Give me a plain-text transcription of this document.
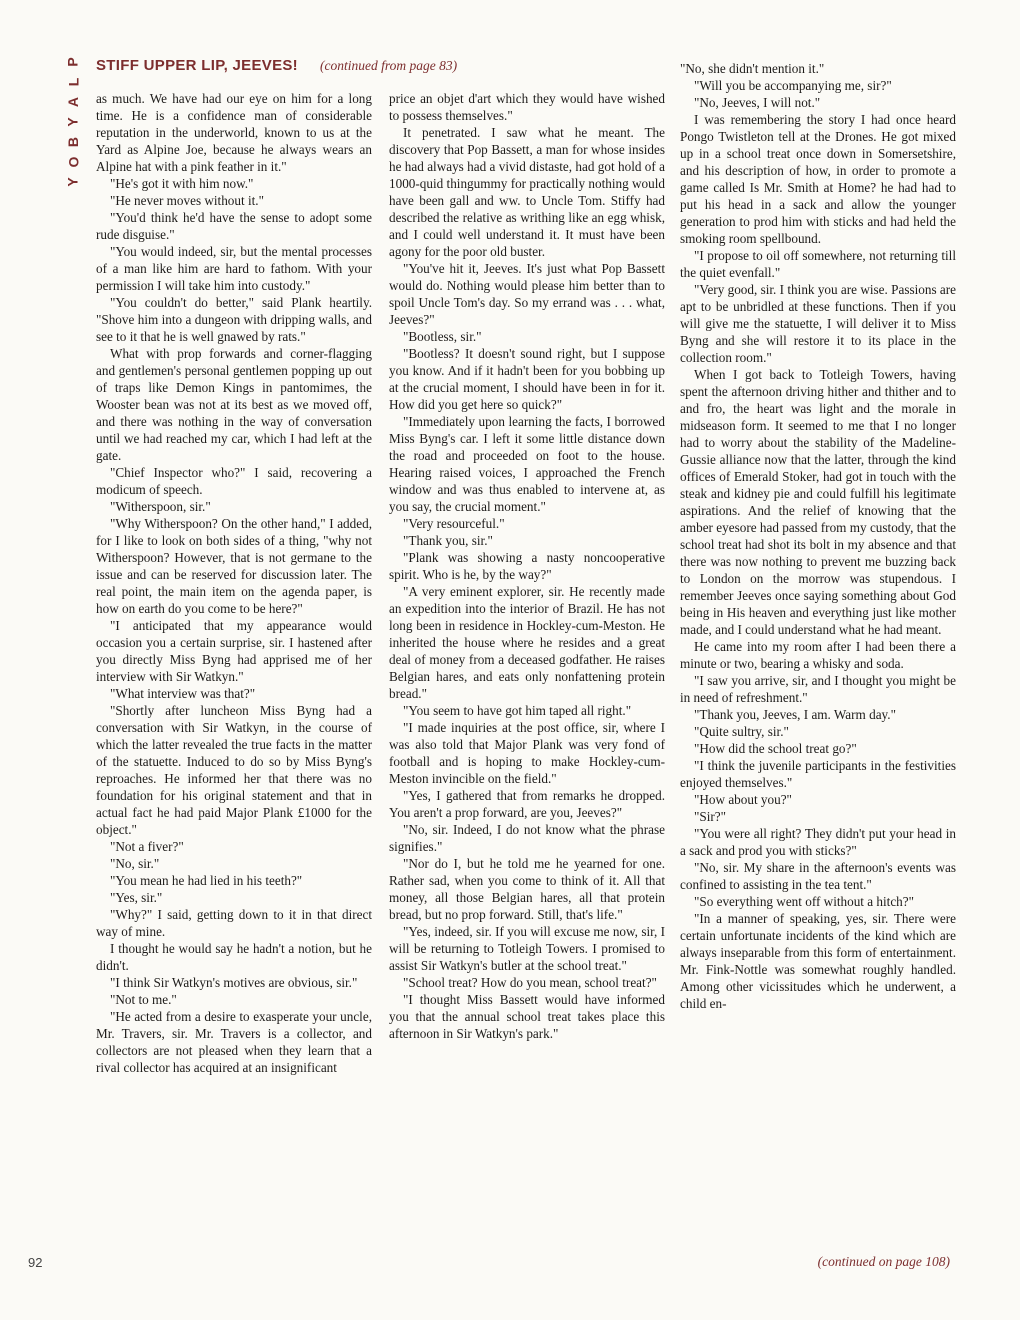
P
L
A
Y
B
O
Y
STIFF UPPER LIP, JEEVES! (continued from page 83)

as much. We have had our eye on him for a long time. He is a confidence man of considerable reputation in the underworld, known to us at the Yard as Alpine Joe, because he always wears an Alpine hat with a pink feather in it."

"He's got it with him now."

"He never moves without it."

"You'd think he'd have the sense to adopt some rude disguise."

"You would indeed, sir, but the mental processes of a man like him are hard to fathom. With your permission I will take him into custody."

"You couldn't do better," said Plank heartily. "Shove him into a dungeon with dripping walls, and see to it that he is well gnawed by rats."

What with prop forwards and corner-flagging and gentlemen's personal gentlemen popping up out of traps like Demon Kings in pantomimes, the Wooster bean was not at its best as we moved off, and there was nothing in the way of conversation until we had reached my car, which I had left at the gate.

"Chief Inspector who?" I said, recovering a modicum of speech.

"Witherspoon, sir."

"Why Witherspoon? On the other hand," I added, for I like to look on both sides of a thing, "why not Witherspoon? However, that is not germane to the issue and can be reserved for discussion later. The real point, the main item on the agenda paper, is how on earth do you come to be here?"

"I anticipated that my appearance would occasion you a certain surprise, sir. I hastened after you directly Miss Byng had apprised me of her interview with Sir Watkyn."

"What interview was that?"

"Shortly after luncheon Miss Byng had a conversation with Sir Watkyn, in the course of which the latter revealed the true facts in the matter of the statuette. Induced to do so by Miss Byng's reproaches. He informed her that there was no foundation for his original statement and that in actual fact he had paid Major Plank £1000 for the object."

"Not a fiver?"

"No, sir."

"You mean he had lied in his teeth?"

"Yes, sir."

"Why?" I said, getting down to it in that direct way of mine.

I thought he would say he hadn't a notion, but he didn't.

"I think Sir Watkyn's motives are obvious, sir."

"Not to me."

"He acted from a desire to exasperate your uncle, Mr. Travers, sir. Mr. Travers is a collector, and collectors are not pleased when they learn that a rival collector has acquired at an insignificant

price an objet d'art which they would have wished to possess themselves."

It penetrated. I saw what he meant. The discovery that Pop Bassett, a man for whose insides he had always had a vivid distaste, had got hold of a 1000-quid thingummy for practically nothing would have been gall and ww. to Uncle Tom. Stiffy had described the relative as writhing like an egg whisk, and I could well understand it. It must have been agony for the poor old buster.

"You've hit it, Jeeves. It's just what Pop Bassett would do. Nothing would please him better than to spoil Uncle Tom's day. So my errand was . . . what, Jeeves?"

"Bootless, sir."

"Bootless? It doesn't sound right, but I suppose you know. And if it hadn't been for you bobbing up at the crucial moment, I should have been in for it. How did you get here so quick?"

"Immediately upon learning the facts, I borrowed Miss Byng's car. I left it some little distance down the road and proceeded on foot to the house. Hearing raised voices, I approached the French window and was thus enabled to intervene at, as you say, the crucial moment."

"Very resourceful."

"Thank you, sir."

"Plank was showing a nasty noncooperative spirit. Who is he, by the way?"

"A very eminent explorer, sir. He recently made an expedition into the interior of Brazil. He has not long been in residence in Hockley-cum-Meston. He inherited the house where he resides and a great deal of money from a deceased godfather. He raises Belgian hares, and eats only nonfattening protein bread."

"You seem to have got him taped all right."

"I made inquiries at the post office, sir, where I was also told that Major Plank was very fond of football and is hoping to make Hockley-cum-Meston invincible on the field."

"Yes, I gathered that from remarks he dropped. You aren't a prop forward, are you, Jeeves?"

"No, sir. Indeed, I do not know what the phrase signifies."

"Nor do I, but he told me he yearned for one. Rather sad, when you come to think of it. All that money, all those Belgian hares, all that protein bread, but no prop forward. Still, that's life."

"Yes, indeed, sir. If you will excuse me now, sir, I will be returning to Totleigh Towers. I promised to assist Sir Watkyn's butler at the school treat."

"School treat? How do you mean, school treat?"

"I thought Miss Bassett would have informed you that the annual school treat takes place this afternoon in Sir Watkyn's park."

"No, she didn't mention it."

"Will you be accompanying me, sir?"

"No, Jeeves, I will not."

I was remembering the story I had once heard Pongo Twistleton tell at the Drones. He got mixed up in a school treat once down in Somersetshire, and his description of how, in order to promote a game called Is Mr. Smith at Home? he had had to put his head in a sack and allow the younger generation to prod him with sticks and had held the smoking room spellbound.

"I propose to oil off somewhere, not returning till the quiet evenfall."

"Very good, sir. I think you are wise. Passions are apt to be unbridled at these functions. Then if you will give me the statuette, I will deliver it to Miss Byng and she will restore it to its place in the collection room."

When I got back to Totleigh Towers, having spent the afternoon driving hither and thither and to and fro, the heart was light and the morale in midseason form. It seemed to me that I no longer had to worry about the stability of the Madeline-Gussie alliance now that the latter, through the kind offices of Emerald Stoker, had got in touch with the steak and kidney pie and could fulfill his legitimate aspirations. And the relief of knowing that the amber eyesore had passed from my custody, that the school treat had shot its bolt in my absence and that there was now nothing to prevent me buzzing back to London on the morrow was stupendous. I remember Jeeves once saying something about God being in His heaven and everything just like mother made, and I could understand what he had meant.

He came into my room after I had been there a minute or two, bearing a whisky and soda.

"I saw you arrive, sir, and I thought you might be in need of refreshment."

"Thank you, Jeeves, I am. Warm day."

"Quite sultry, sir."

"How did the school treat go?"

"I think the juvenile participants in the festivities enjoyed themselves."

"How about you?"

"Sir?"

"You were all right? They didn't put your head in a sack and prod you with sticks?"

"No, sir. My share in the afternoon's events was confined to assisting in the tea tent."

"So everything went off without a hitch?"

"In a manner of speaking, yes, sir. There were certain unfortunate incidents of the kind which are always inseparable from this form of entertainment. Mr. Fink-Nottle was somewhat roughly handled. Among other vicissitudes which he underwent, a child en-

(continued on page 108)
92
